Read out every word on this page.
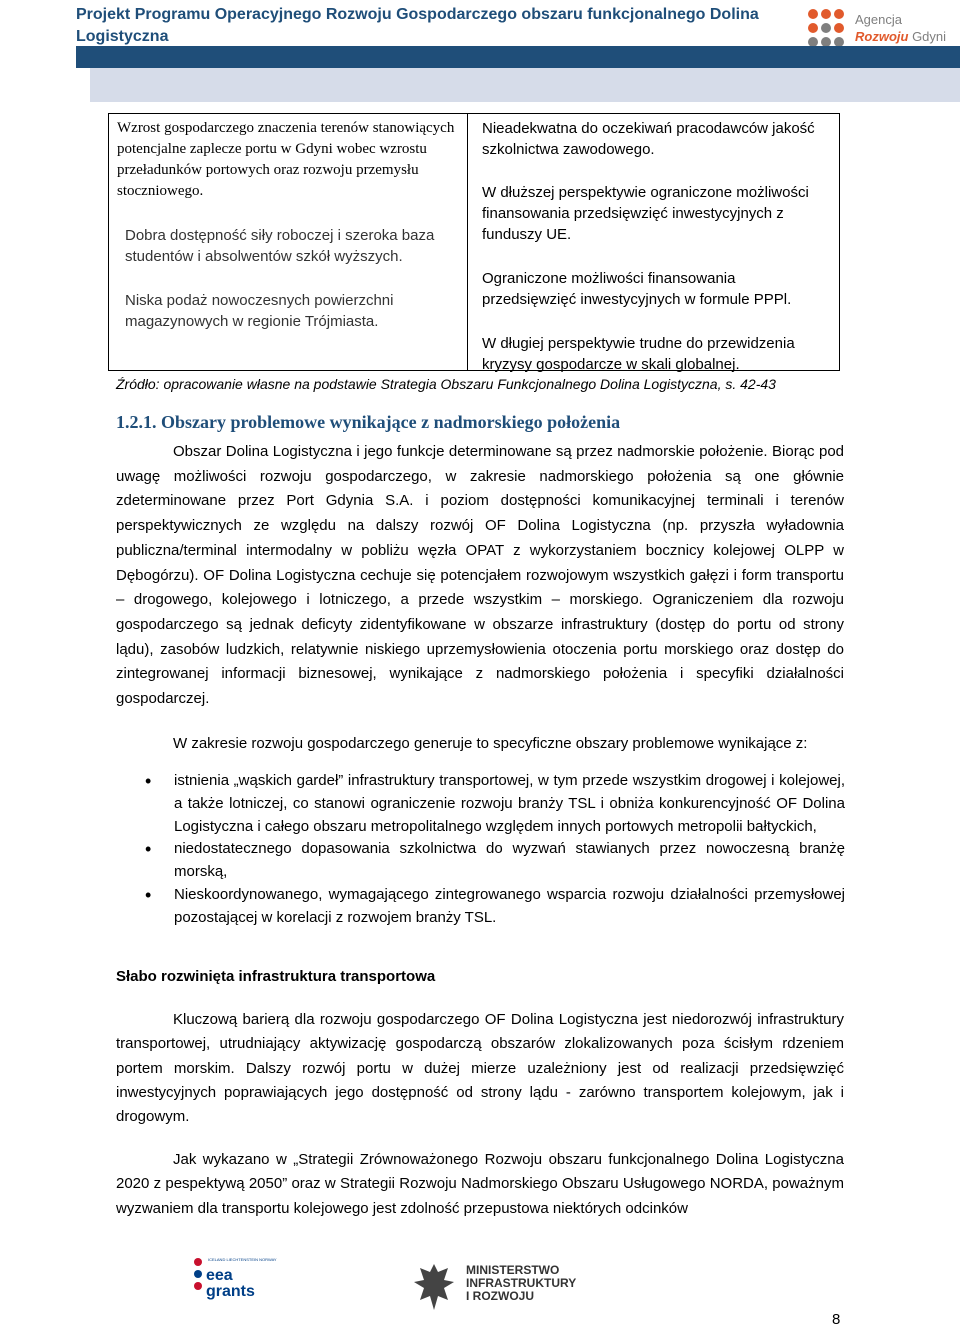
Projekt Programu Operacyjnego Rozwoju Gospodarczego obszaru funkcjonalnego Dolina Logistyczna
Agencja
Rozwoju Gdyni

Wzrost gospodarczego znaczenia terenów stanowiących potencjalne zaplecze portu w Gdyni wobec wzrostu przeładunków portowych oraz rozwoju przemysłu stoczniowego.

Dobra dostępność siły roboczej i szeroka baza studentów i absolwentów szkół wyższych.

Niska podaż nowoczesnych powierzchni magazynowych w regionie Trójmiasta.

Nieadekwatna do oczekiwań pracodawców jakość szkolnictwa zawodowego.

W dłuższej perspektywie ograniczone możliwości finansowania przedsięwzięć inwestycyjnych z funduszy UE.

Ograniczone możliwości finansowania przedsięwzięć inwestycyjnych w formule PPPl.

W długiej perspektywie trudne do przewidzenia kryzysy gospodarcze w skali globalnej.

Źródło: opracowanie własne na podstawie Strategia Obszaru Funkcjonalnego Dolina Logistyczna, s. 42-43
1.2.1. Obszary problemowe wynikające z nadmorskiego położenia

Obszar Dolina Logistyczna i jego funkcje determinowane są przez nadmorskie położenie. Biorąc pod uwagę możliwości rozwoju gospodarczego, w zakresie nadmorskiego położenia są one głównie zdeterminowane przez Port Gdynia S.A. i poziom dostępności komunikacyjnej terminali i terenów perspektywicznych ze względu na dalszy rozwój OF Dolina Logistyczna (np. przyszła wyładownia publiczna/terminal intermodalny w pobliżu węzła OPAT z wykorzystaniem bocznicy kolejowej OLPP w Dębogórzu). OF Dolina Logistyczna cechuje się potencjałem rozwojowym wszystkich gałęzi i form transportu – drogowego, kolejowego i lotniczego, a przede wszystkim – morskiego. Ograniczeniem dla rozwoju gospodarczego są jednak deficyty zidentyfikowane w obszarze infrastruktury (dostęp do portu od strony lądu), zasobów ludzkich, relatywnie niskiego uprzemysłowienia otoczenia portu morskiego oraz dostęp do zintegrowanej informacji biznesowej, wynikające z nadmorskiego położenia i specyfiki działalności gospodarczej.

W zakresie rozwoju gospodarczego generuje to specyficzne obszary problemowe wynikające z:

• istnienia „wąskich gardeł” infrastruktury transportowej, w tym przede wszystkim drogowej i kolejowej, a także lotniczej, co stanowi ograniczenie rozwoju branży TSL i obniża konkurencyjność OF Dolina Logistyczna i całego obszaru metropolitalnego względem innych portowych metropolii bałtyckich,
• niedostatecznego dopasowania szkolnictwa do wyzwań stawianych przez nowoczesną branżę morską,
• Nieskoordynowanego, wymagającego zintegrowanego wsparcia rozwoju działalności przemysłowej pozostającej w korelacji z rozwojem branży TSL.
Słabo rozwinięta infrastruktura transportowa

Kluczową barierą dla rozwoju gospodarczego OF Dolina Logistyczna jest niedorozwój infrastruktury transportowej, utrudniający aktywizację gospodarczą obszarów zlokalizowanych poza ścisłym rdzeniem portem morskim. Dalszy rozwój portu w dużej mierze uzależniony jest od realizacji przedsięwzięć inwestycyjnych poprawiających jego dostępność od strony lądu - zarówno transportem kolejowym, jak i drogowym.

Jak wykazano w „Strategii Zrównoważonego Rozwoju obszaru funkcjonalnego Dolina Logistyczna 2020 z pespektywą 2050” oraz w Strategii Rozwoju Nadmorskiego Obszaru Usługowego NORDA, poważnym wyzwaniem dla transportu kolejowego jest zdolność przepustowa niektórych odcinków

ICELAND LIECHTENSTEIN NORWAY
eea
grants
MINISTERSTWO
INFRASTRUKTURY
I ROZWOJU
8
